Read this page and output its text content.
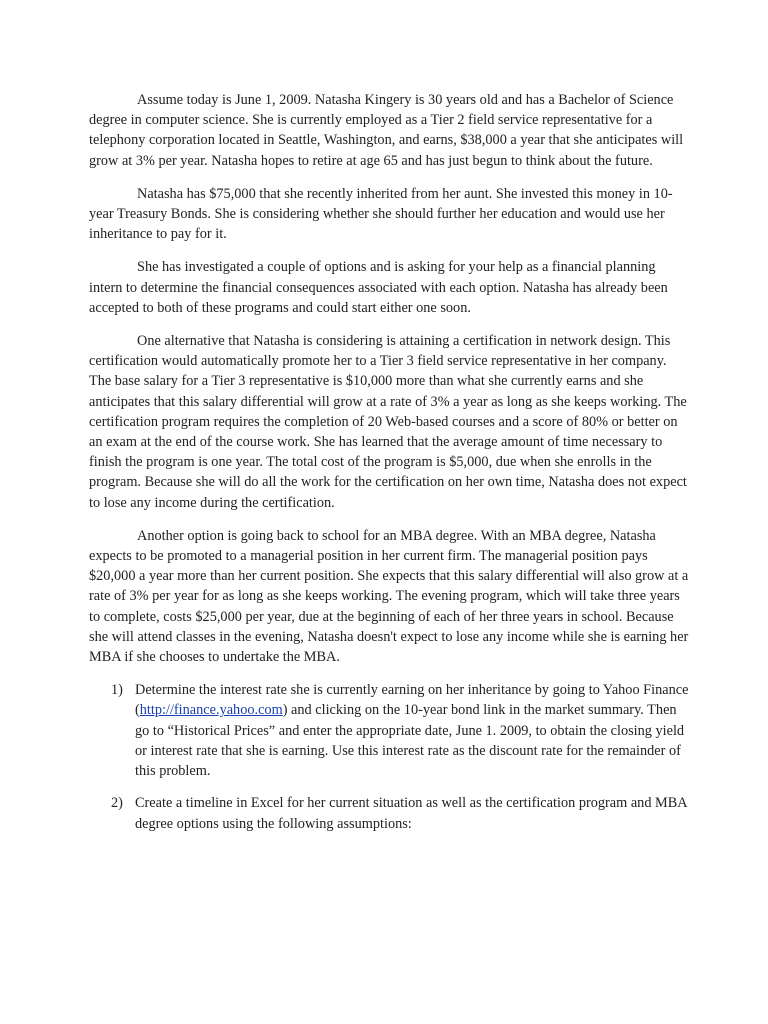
Assume today is June 1, 2009. Natasha Kingery is 30 years old and has a Bachelor of Science degree in computer science. She is currently employed as a Tier 2 field service representative for a telephony corporation located in Seattle, Washington, and earns, $38,000 a year that she anticipates will grow at 3% per year. Natasha hopes to retire at age 65 and has just begun to think about the future.

Natasha has $75,000 that she recently inherited from her aunt. She invested this money in 10-year Treasury Bonds. She is considering whether she should further her education and would use her inheritance to pay for it.

She has investigated a couple of options and is asking for your help as a financial planning intern to determine the financial consequences associated with each option. Natasha has already been accepted to both of these programs and could start either one soon.

One alternative that Natasha is considering is attaining a certification in network design. This certification would automatically promote her to a Tier 3 field service representative in her company. The base salary for a Tier 3 representative is $10,000 more than what she currently earns and she anticipates that this salary differential will grow at a rate of 3% a year as long as she keeps working. The certification program requires the completion of 20 Web-based courses and a score of 80% or better on an exam at the end of the course work. She has learned that the average amount of time necessary to finish the program is one year. The total cost of the program is $5,000, due when she enrolls in the program. Because she will do all the work for the certification on her own time, Natasha does not expect to lose any income during the certification.

Another option is going back to school for an MBA degree. With an MBA degree, Natasha expects to be promoted to a managerial position in her current firm. The managerial position pays $20,000 a year more than her current position. She expects that this salary differential will also grow at a rate of 3% per year for as long as she keeps working. The evening program, which will take three years to complete, costs $25,000 per year, due at the beginning of each of her three years in school. Because she will attend classes in the evening, Natasha doesn't expect to lose any income while she is earning her MBA if she chooses to undertake the MBA.

1) Determine the interest rate she is currently earning on her inheritance by going to Yahoo Finance (http://finance.yahoo.com) and clicking on the 10-year bond link in the market summary. Then go to “Historical Prices” and enter the appropriate date, June 1. 2009, to obtain the closing yield or interest rate that she is earning. Use this interest rate as the discount rate for the remainder of this problem.
2) Create a timeline in Excel for her current situation as well as the certification program and MBA degree options using the following assumptions:
